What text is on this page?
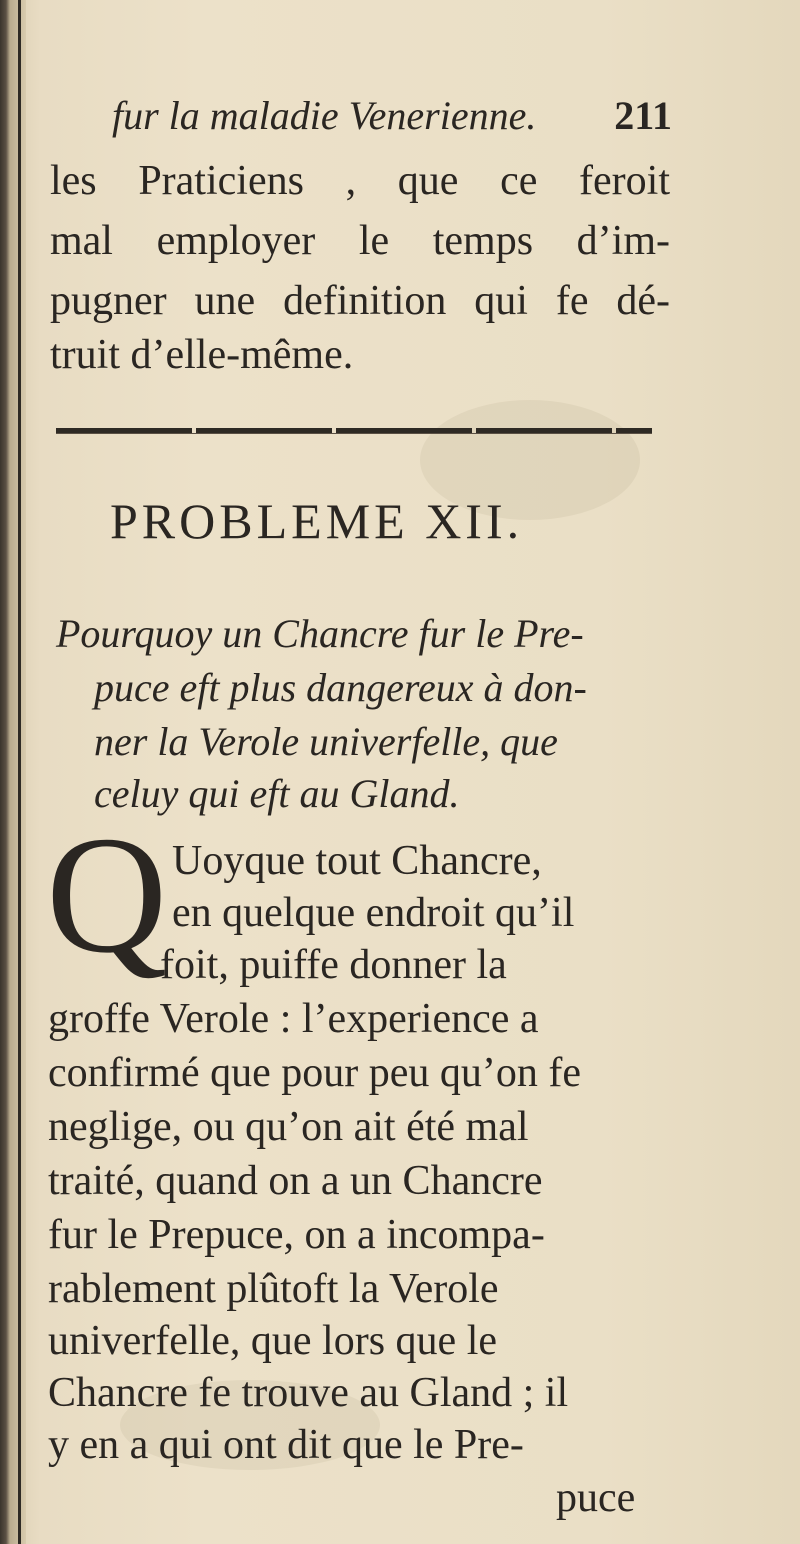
fur la maladie Venerienne. 211
les Praticiens , que ce feroit
mal employer le temps d’im-
pugner une definition qui fe dé-
truit d’elle-même.
PROBLEME XII.
Pourquoy un Chancre fur le Pre-
puce eft plus dangereux à don-
ner la Verole univerfelle, que
celuy qui eft au Gland.
Q Uoyque tout Chancre,
en quelque endroit qu’il
foit, puiffe donner la
groffe Verole : l’experience a
confirmé que pour peu qu’on fe
neglige, ou qu’on ait été mal
traité, quand on a un Chancre
fur le Prepuce, on a incompa-
rablement plûtoft la Verole
univerfelle, que lors que le
Chancre fe trouve au Gland ; il
y en a qui ont dit que le Pre-
puce
